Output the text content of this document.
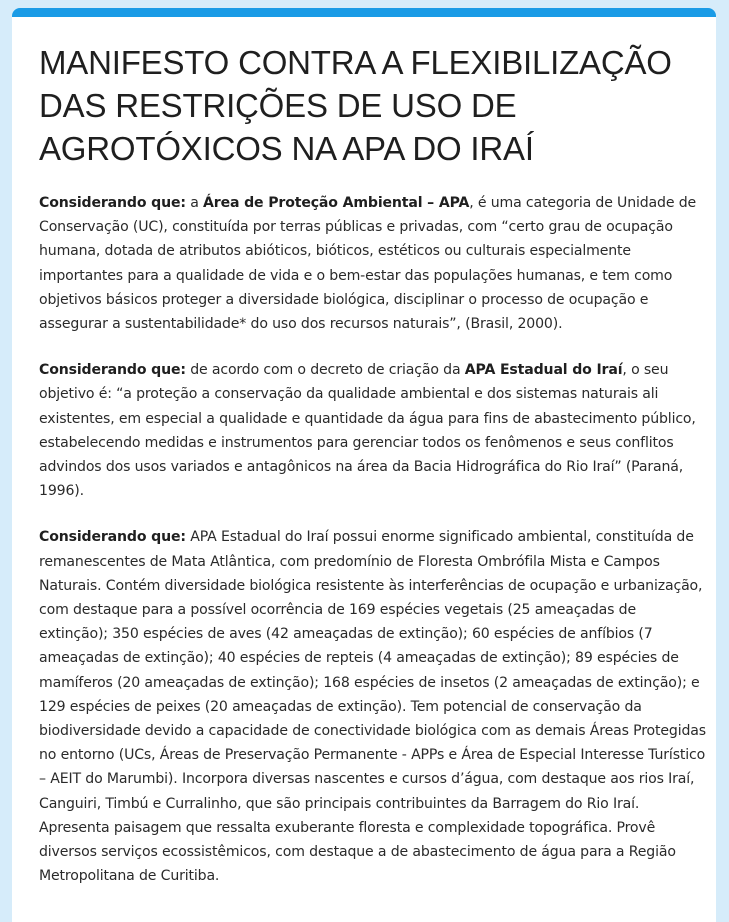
MANIFESTO CONTRA A FLEXIBILIZAÇÃO DAS RESTRIÇÕES DE USO DE AGROTÓXICOS NA APA DO IRAÍ

Considerando que: a Área de Proteção Ambiental – APA, é uma categoria de Unidade de Conservação (UC), constituída por terras públicas e privadas, com “certo grau de ocupação humana, dotada de atributos abióticos, bióticos, estéticos ou culturais especialmente importantes para a qualidade de vida e o bem-estar das populações humanas, e tem como objetivos básicos proteger a diversidade biológica, disciplinar o processo de ocupação e assegurar a sustentabilidade* do uso dos recursos naturais”, (Brasil, 2000).

Considerando que: de acordo com o decreto de criação da APA Estadual do Iraí, o seu objetivo é: “a proteção a conservação da qualidade ambiental e dos sistemas naturais ali existentes, em especial a qualidade e quantidade da água para fins de abastecimento público, estabelecendo medidas e instrumentos para gerenciar todos os fenômenos e seus conflitos advindos dos usos variados e antagônicos na área da Bacia Hidrográfica do Rio Iraí” (Paraná, 1996).

Considerando que: APA Estadual do Iraí possui enorme significado ambiental, constituída de remanescentes de Mata Atlântica, com predomínio de Floresta Ombrófila Mista e Campos Naturais. Contém diversidade biológica resistente às interferências de ocupação e urbanização, com destaque para a possível ocorrência de 169 espécies vegetais (25 ameaçadas de extinção); 350 espécies de aves (42 ameaçadas de extinção); 60 espécies de anfíbios (7 ameaçadas de extinção); 40 espécies de repteis (4 ameaçadas de extinção); 89 espécies de mamíferos (20 ameaçadas de extinção); 168 espécies de insetos (2 ameaçadas de extinção); e 129 espécies de peixes (20 ameaçadas de extinção). Tem potencial de conservação da biodiversidade devido a capacidade de conectividade biológica com as demais Áreas Protegidas no entorno (UCs, Áreas de Preservação Permanente - APPs e Área de Especial Interesse Turístico – AEIT do Marumbi). Incorpora diversas nascentes e cursos d’água, com destaque aos rios Iraí, Canguiri, Timbú e Curralinho, que são principais contribuintes da Barragem do Rio Iraí. Apresenta paisagem que ressalta exuberante floresta e complexidade topográfica. Provê diversos serviços ecossistêmicos, com destaque a de abastecimento de água para a Região Metropolitana de Curitiba.
